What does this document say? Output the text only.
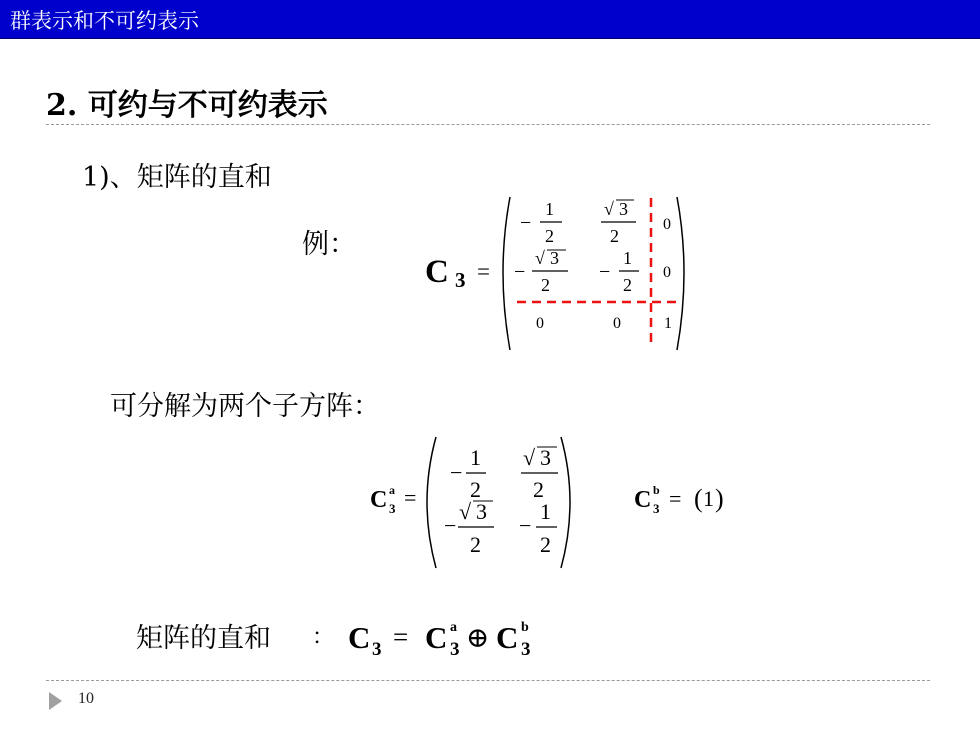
群表示和不可约表示
2. 可约与不可约表示
1)、矩阵的直和
例：
C 3 =
−
1
2
√ 3
2
0
−
√ 3
2
−
1
2
0
0	0	1
可分解为两个子方阵：
C a
3 =
−
1
2
√ 3
2
−
√ 3
2
−
1
2
C b
3 = ( 1 )
矩阵的直和 ： C 3 = C a
3 ⊕ C b
3
10
